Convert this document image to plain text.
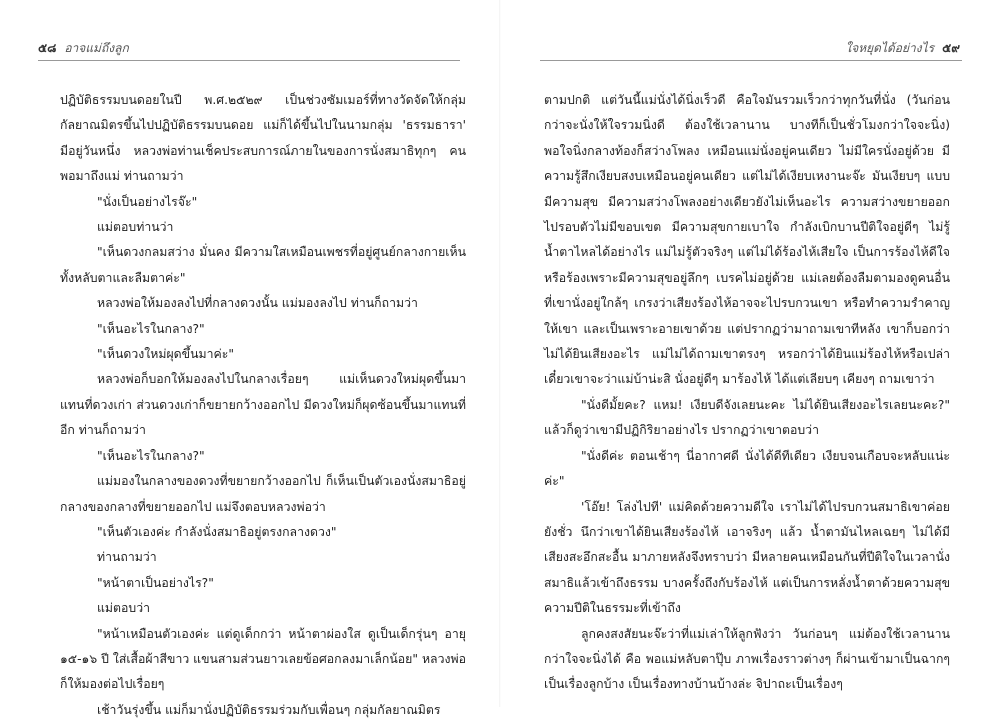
๕๘ อาจแม่ถึงลูก

ปฏิบัติธรรมบนดอยในปี พ.ศ.๒๕๒๙ เป็นช่วงซัมเมอร์ที่ทางวัดจัดให้กลุ่มกัลยาณมิตรขึ้นไปปฏิบัติธรรมบนดอย แม่ก็ได้ขึ้นไปในนามกลุ่ม 'ธรรมธารา' มีอยู่วันหนึ่ง หลวงพ่อท่านเช็คประสบการณ์ภายในของการนั่งสมาธิทุกๆ คน พอมาถึงแม่ ท่านถามว่า

"นั่งเป็นอย่างไรจ๊ะ"

แม่ตอบท่านว่า

"เห็นดวงกลมสว่าง มั่นคง มีความใสเหมือนเพชรที่อยู่ศูนย์กลางกายเห็นทั้งหลับตาและลืมตาค่ะ"

หลวงพ่อให้มองลงไปที่กลางดวงนั้น แม่มองลงไป ท่านก็ถามว่า

"เห็นอะไรในกลาง?"

"เห็นดวงใหม่ผุดขึ้นมาค่ะ"

หลวงพ่อก็บอกให้มองลงไปในกลางเรื่อยๆ แม่เห็นดวงใหม่ผุดขึ้นมาแทนที่ดวงเก่า ส่วนดวงเก่าก็ขยายกว้างออกไป มีดวงใหม่ก็ผุดซ้อนขึ้นมาแทนที่อีก ท่านก็ถามว่า

"เห็นอะไรในกลาง?"

แม่มองในกลางของดวงที่ขยายกว้างออกไป ก็เห็นเป็นตัวเองนั่งสมาธิอยู่กลางของกลางที่ขยายออกไป แม่จึงตอบหลวงพ่อว่า

"เห็นตัวเองค่ะ กำลังนั่งสมาธิอยู่ตรงกลางดวง"

ท่านถามว่า

"หน้าตาเป็นอย่างไร?"

แม่ตอบว่า

"หน้าเหมือนตัวเองค่ะ แต่ดูเด็กกว่า หน้าตาผ่องใส ดูเป็นเด็กรุ่นๆ อายุ ๑๕-๑๖ ปี ใส่เสื้อผ้าสีขาว แขนสามส่วนยาวเลยข้อศอกลงมาเล็กน้อย" หลวงพ่อก็ให้มองต่อไปเรื่อยๆ

เช้าวันรุ่งขึ้น แม่ก็มานั่งปฏิบัติธรรมร่วมกับเพื่อนๆ กลุ่มกัลยาณมิตร

ใจหยุดได้อย่างไร ๕๙

ตามปกติ แต่วันนี้แม่นั่งได้นิ่งเร็วดี คือใจมันรวมเร็วกว่าทุกวันที่นั่ง (วันก่อนกว่าจะนั่งให้ใจรวมนิ่งดี ต้องใช้เวลานาน บางทีก็เป็นชั่วโมงกว่าใจจะนิ่ง) พอใจนิ่งกลางท้องก็สว่างโพลง เหมือนแม่นั่งอยู่คนเดียว ไม่มีใครนั่งอยู่ด้วย มีความรู้สึกเงียบสงบเหมือนอยู่คนเดียว แต่ไม่ได้เงียบเหงานะจ๊ะ มันเงียบๆ แบบมีความสุข มีความสว่างโพลงอย่างเดียวยังไม่เห็นอะไร ความสว่างขยายออกไปรอบตัวไม่มีขอบเขต มีความสุขกายเบาใจ กำลังเบิกบานปีติใจอยู่ดีๆ ไม่รู้น้ำตาไหลได้อย่างไร แม่ไม่รู้ตัวจริงๆ แต่ไม่ได้ร้องไห้เสียใจ เป็นการร้องไห้ดีใจ หรือร้องเพราะมีความสุขอยู่ลึกๆ เบรคไม่อยู่ด้วย แม่เลยต้องลืมตามองดูคนอื่นที่เขานั่งอยู่ใกล้ๆ เกรงว่าเสียงร้องไห้อาจจะไปรบกวนเขา หรือทำความรำคาญให้เขา และเป็นเพราะอายเขาด้วย แต่ปรากฏว่ามาถามเขาทีหลัง เขาก็บอกว่าไม่ได้ยินเสียงอะไร แม่ไม่ได้ถามเขาตรงๆ หรอกว่าได้ยินแม่ร้องไห้หรือเปล่า เดี๋ยวเขาจะว่าแม่บ้าน่ะสิ นั่งอยู่ดีๆ มาร้องไห้ ได้แต่เลียบๆ เคียงๆ ถามเขาว่า

"นั่งดีมั้ยคะ? แหม! เงียบดีจังเลยนะคะ ไม่ได้ยินเสียงอะไรเลยนะคะ?" แล้วก็ดูว่าเขามีปฏิกิริยาอย่างไร ปรากฏว่าเขาตอบว่า

"นั่งดีค่ะ ตอนเช้าๆ นี่อากาศดี นั่งได้ดีทีเดียว เงียบจนเกือบจะหลับแน่ะค่ะ"

'โอ๊ย! โล่งไปที' แม่คิดด้วยความดีใจ เราไม่ได้ไปรบกวนสมาธิเขาค่อยยังชั่ว นึกว่าเขาได้ยินเสียงร้องไห้ เอาจริงๆ แล้ว น้ำตามันไหลเฉยๆ ไม่ได้มีเสียงสะอึกสะอื้น มาภายหลังจึงทราบว่า มีหลายคนเหมือนกันที่ปีติใจในเวลานั่งสมาธิแล้วเข้าถึงธรรม บางครั้งถึงกับร้องไห้ แต่เป็นการหลั่งน้ำตาด้วยความสุขความปีติในธรรมะที่เข้าถึง

ลูกคงสงสัยนะจ๊ะว่าที่แม่เล่าให้ลูกฟังว่า วันก่อนๆ แม่ต้องใช้เวลานานกว่าใจจะนิ่งได้ คือ พอแม่หลับตาปุ๊บ ภาพเรื่องราวต่างๆ ก็ผ่านเข้ามาเป็นฉากๆ เป็นเรื่องลูกบ้าง เป็นเรื่องทางบ้านบ้างล่ะ จิปาถะเป็นเรื่องๆ
